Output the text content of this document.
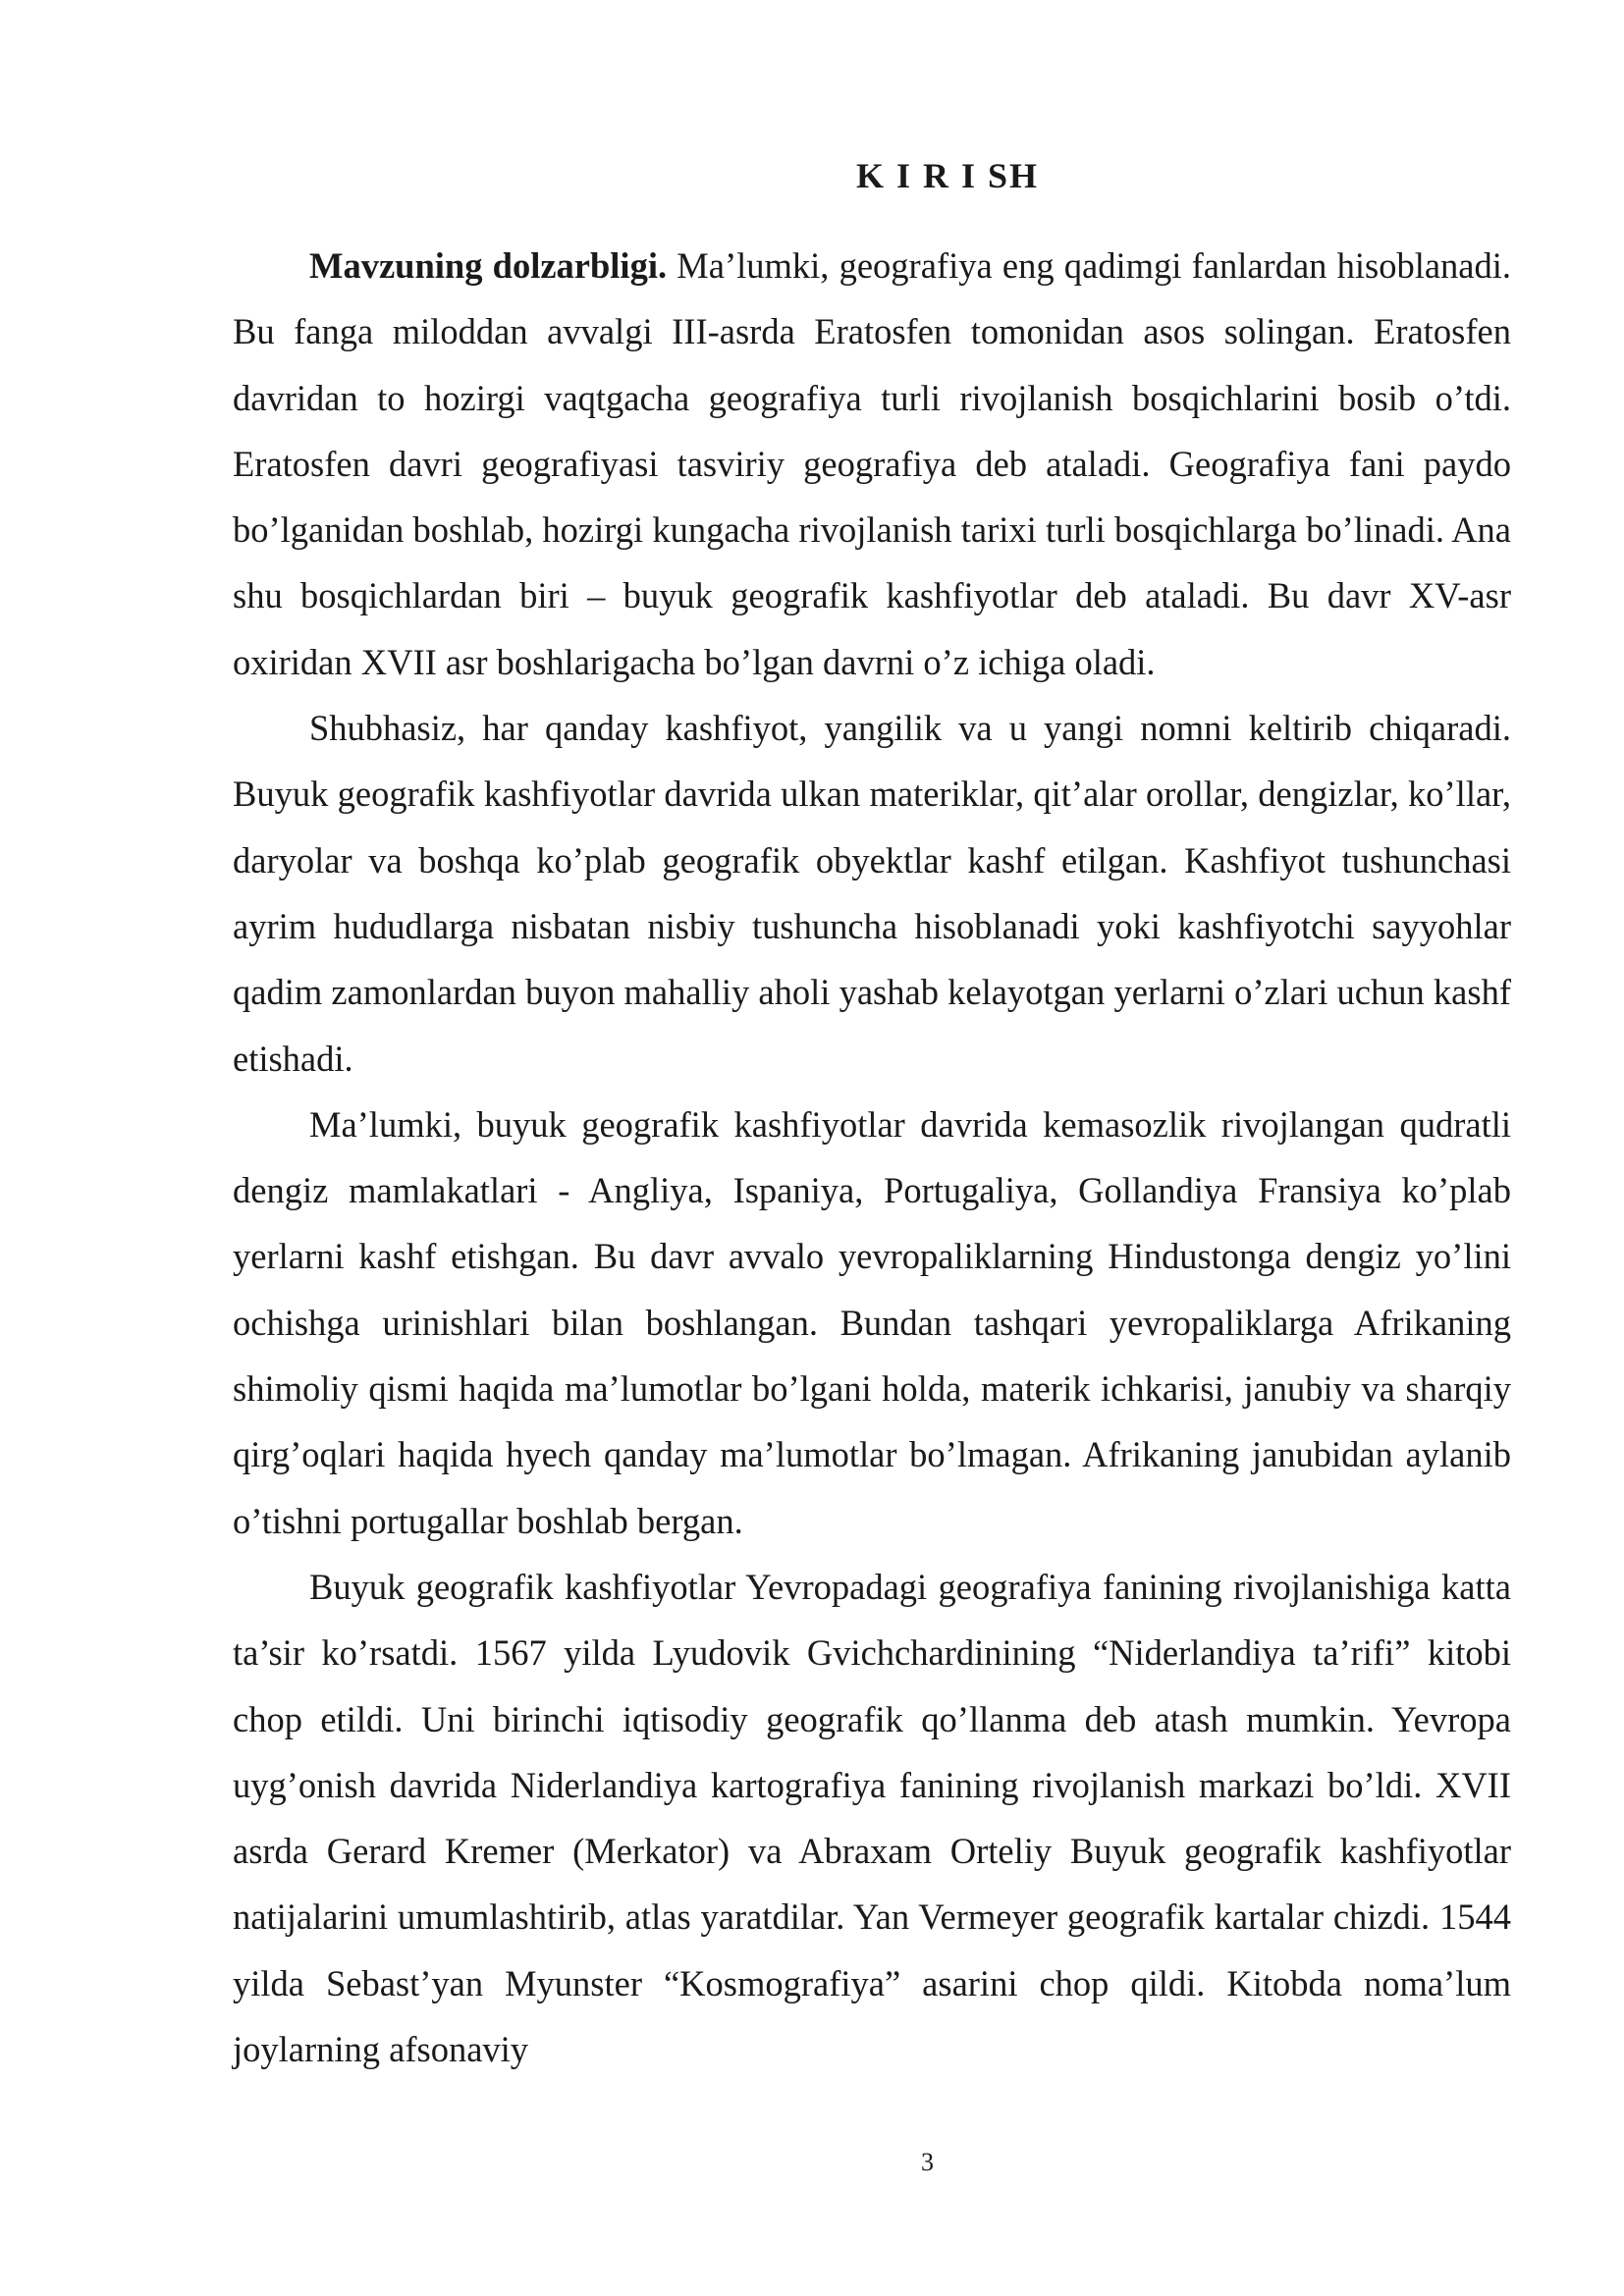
K I R I SH

Mavzuning dolzarbligi. Ma’lumki, geografiya eng qadimgi fanlardan hisoblanadi. Bu fanga miloddan avvalgi III-asrda Eratosfen tomonidan asos solingan. Eratosfen davridan to hozirgi vaqtgacha geografiya turli rivojlanish bosqichlarini bosib o’tdi. Eratosfen davri geografiyasi tasviriy geografiya deb ataladi. Geografiya fani paydo bo’lganidan boshlab, hozirgi kungacha rivojlanish tarixi turli bosqichlarga bo’linadi. Ana shu bosqichlardan biri – buyuk geografik kashfiyotlar deb ataladi. Bu davr XV-asr oxiridan XVII asr boshlarigacha bo’lgan davrni o’z ichiga oladi.

Shubhasiz, har qanday kashfiyot, yangilik va u yangi nomni keltirib chiqaradi. Buyuk geografik kashfiyotlar davrida ulkan materiklar, qit’alar orollar, dengizlar, ko’llar, daryolar va boshqa ko’plab geografik obyektlar kashf etilgan. Kashfiyot tushunchasi ayrim hududlarga nisbatan nisbiy tushuncha hisoblanadi yoki kashfiyotchi sayyohlar qadim zamonlardan buyon mahalliy aholi yashab kelayotgan yerlarni o’zlari uchun kashf etishadi.

Ma’lumki, buyuk geografik kashfiyotlar davrida kemasozlik rivojlangan qudratli dengiz mamlakatlari - Angliya, Ispaniya, Portugaliya, Gollandiya Fransiya ko’plab yerlarni kashf etishgan. Bu davr avvalo yevropaliklarning Hindustonga dengiz yo’lini ochishga urinishlari bilan boshlangan. Bundan tashqari yevropaliklarga Afrikaning shimoliy qismi haqida ma’lumotlar bo’lgani holda, materik ichkarisi, janubiy va sharqiy qirg’oqlari haqida hyech qanday ma’lumotlar bo’lmagan. Afrikaning janubidan aylanib o’tishni portugallar boshlab bergan.

Buyuk geografik kashfiyotlar Yevropadagi geografiya fanining rivojlanishiga katta ta’sir ko’rsatdi. 1567 yilda Lyudovik Gvichchardinining “Niderlandiya ta’rifi” kitobi chop etildi. Uni birinchi iqtisodiy geografik qo’llanma deb atash mumkin. Yevropa uyg’onish davrida Niderlandiya kartografiya fanining rivojlanish markazi bo’ldi. XVII asrda Gerard Kremer (Merkator) va Abraxam Orteliy Buyuk geografik kashfiyotlar natijalarini umumlashtirib, atlas yaratdilar. Yan Vermeyer geografik kartalar chizdi. 1544 yilda Sebast’yan Myunster “Kosmografiya” asarini chop qildi. Kitobda noma’lum joylarning afsonaviy

3
